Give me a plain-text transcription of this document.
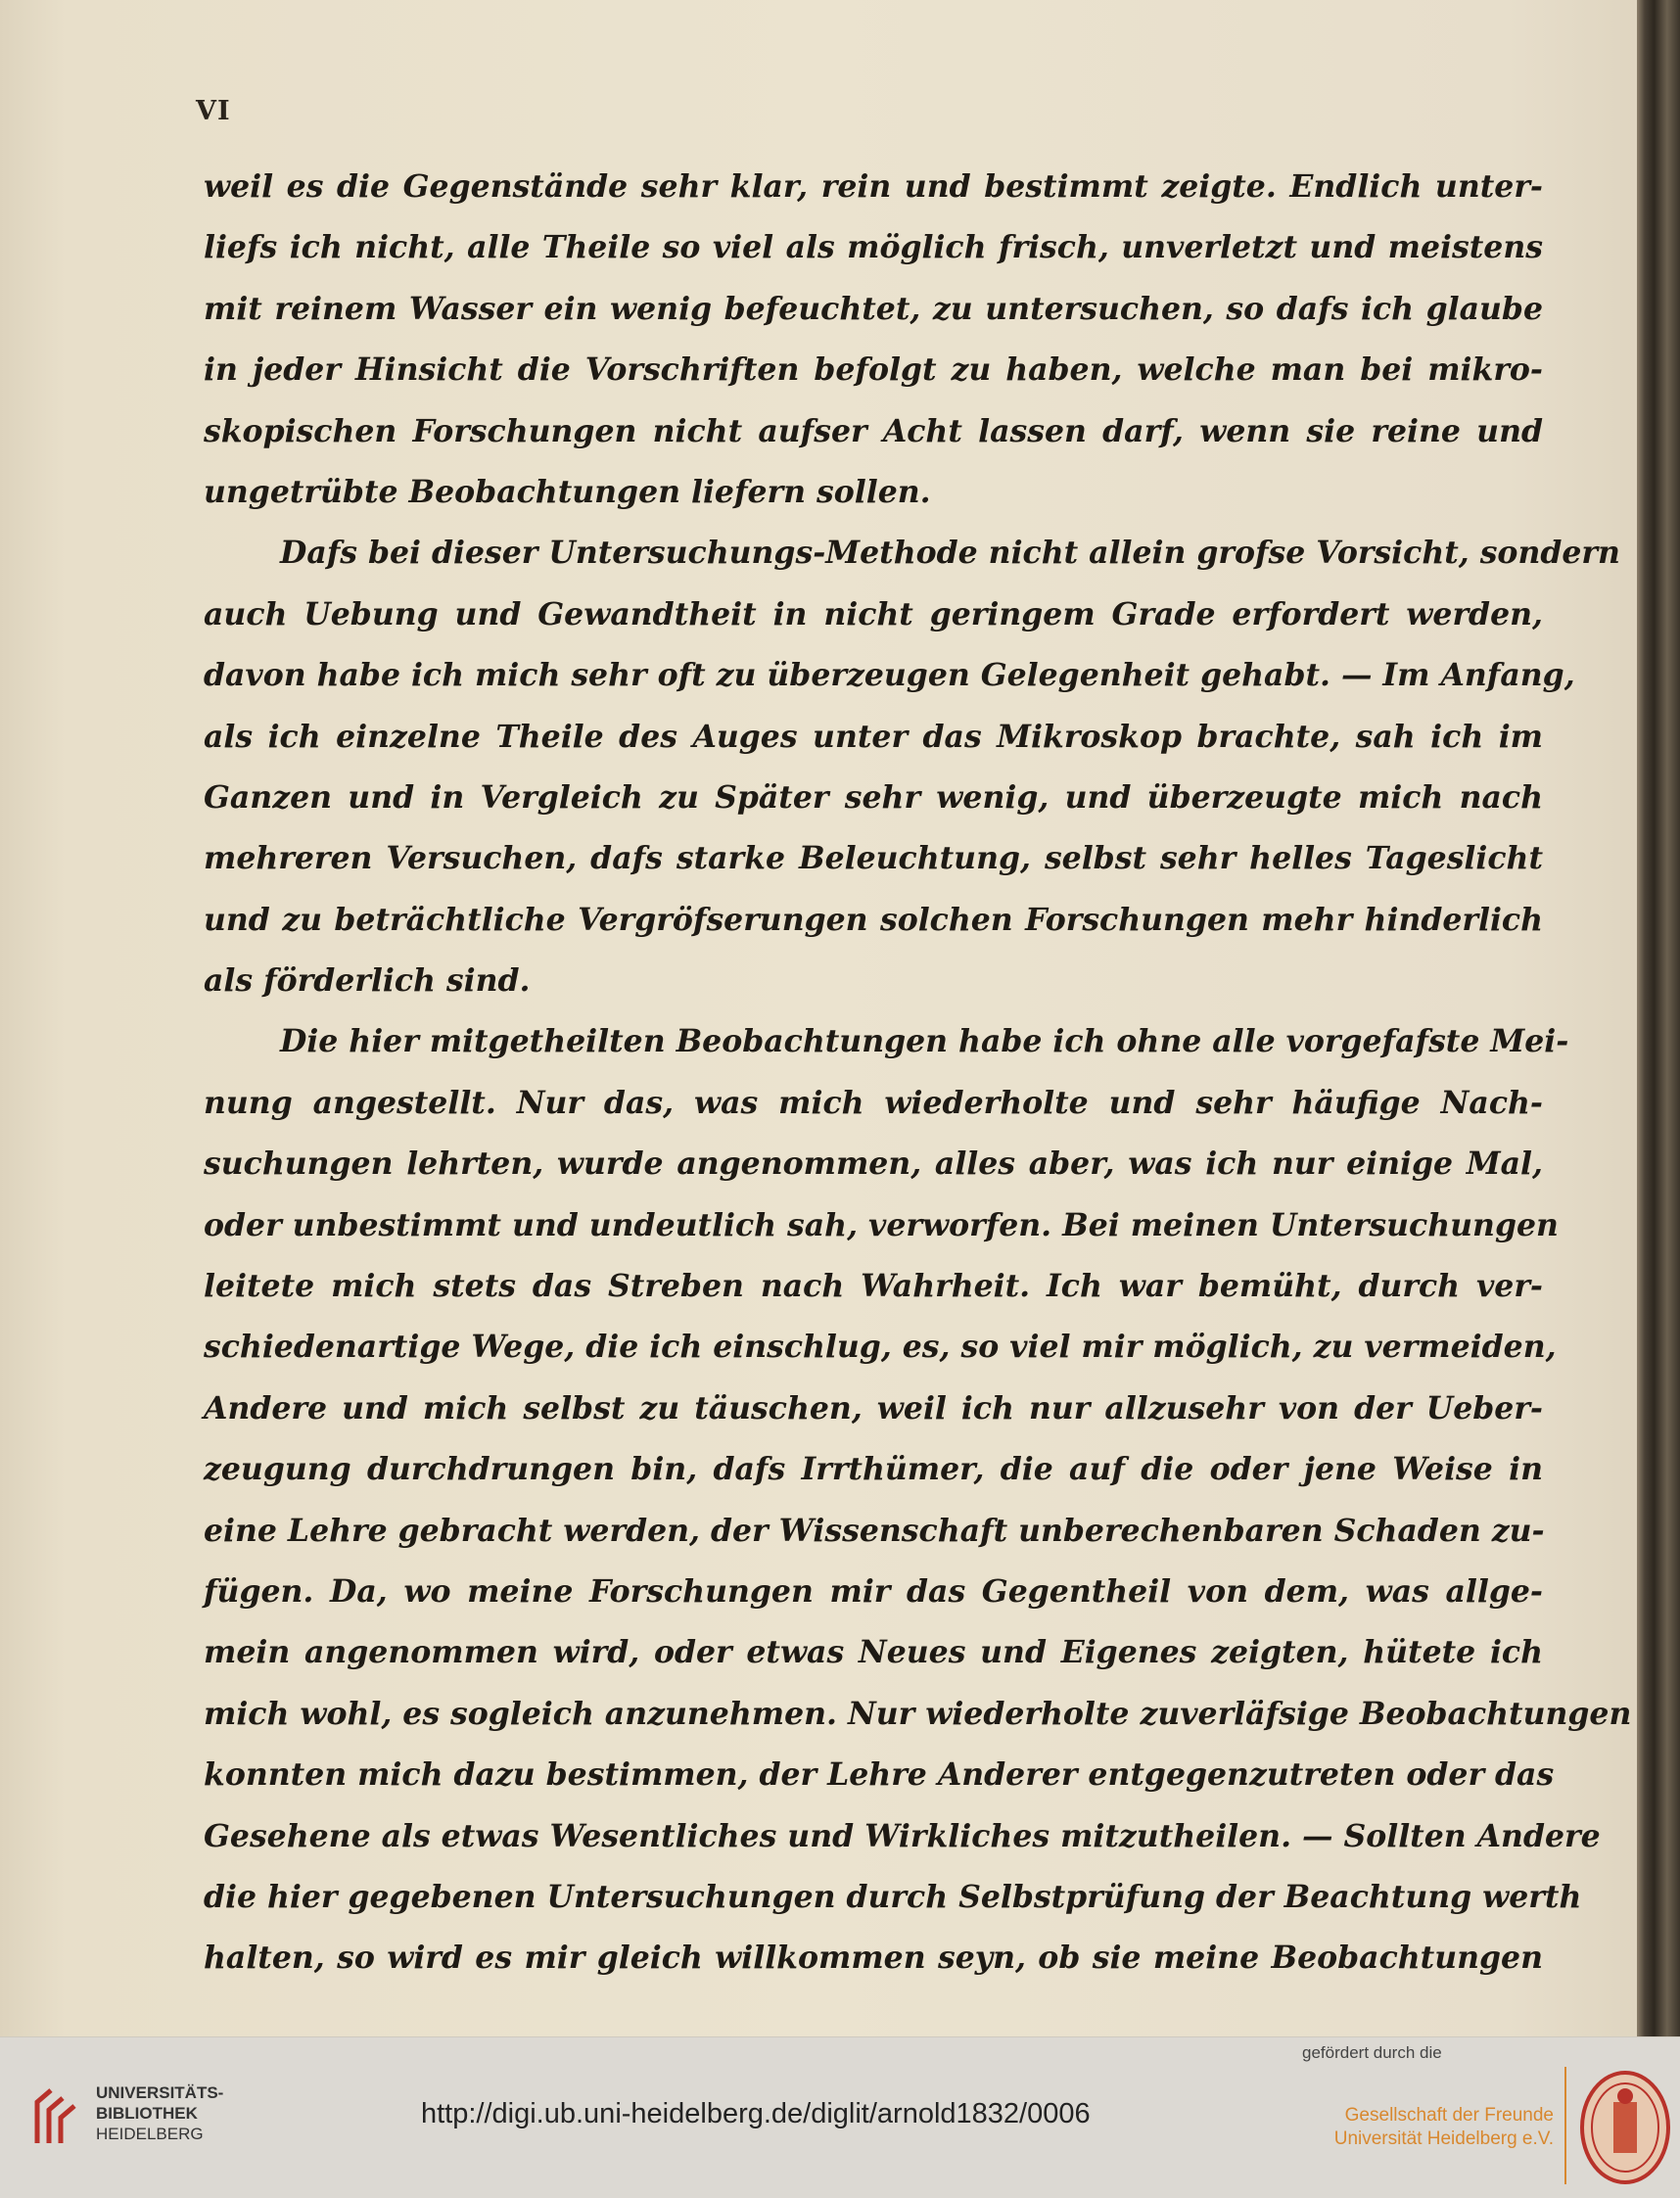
VI
weil es die Gegenstände sehr klar, rein und bestimmt zeigte. Endlich unter-
liefs ich nicht, alle Theile so viel als möglich frisch, unverletzt und meistens
mit reinem Wasser ein wenig befeuchtet, zu untersuchen, so dafs ich glaube
in jeder Hinsicht die Vorschriften befolgt zu haben, welche man bei mikro-
skopischen Forschungen nicht aufser Acht lassen darf, wenn sie reine und
ungetrübte Beobachtungen liefern sollen.
Dafs bei dieser Untersuchungs-Methode nicht allein grofse Vorsicht, sondern
auch Uebung und Gewandtheit in nicht geringem Grade erfordert werden,
davon habe ich mich sehr oft zu überzeugen Gelegenheit gehabt. — Im Anfang,
als ich einzelne Theile des Auges unter das Mikroskop brachte, sah ich im
Ganzen und in Vergleich zu Später sehr wenig, und überzeugte mich nach
mehreren Versuchen, dafs starke Beleuchtung, selbst sehr helles Tageslicht
und zu beträchtliche Vergröfserungen solchen Forschungen mehr hinderlich
als förderlich sind.
Die hier mitgetheilten Beobachtungen habe ich ohne alle vorgefafste Mei-
nung angestellt. Nur das, was mich wiederholte und sehr häufige Nach-
suchungen lehrten, wurde angenommen, alles aber, was ich nur einige Mal,
oder unbestimmt und undeutlich sah, verworfen. Bei meinen Untersuchungen
leitete mich stets das Streben nach Wahrheit. Ich war bemüht, durch ver-
schiedenartige Wege, die ich einschlug, es, so viel mir möglich, zu vermeiden,
Andere und mich selbst zu täuschen, weil ich nur allzusehr von der Ueber-
zeugung durchdrungen bin, dafs Irrthümer, die auf die oder jene Weise in
eine Lehre gebracht werden, der Wissenschaft unberechenbaren Schaden zu-
fügen. Da, wo meine Forschungen mir das Gegentheil von dem, was allge-
mein angenommen wird, oder etwas Neues und Eigenes zeigten, hütete ich
mich wohl, es sogleich anzunehmen. Nur wiederholte zuverläfsige Beobachtungen
konnten mich dazu bestimmen, der Lehre Anderer entgegenzutreten oder das
Gesehene als etwas Wesentliches und Wirkliches mitzutheilen. — Sollten Andere
die hier gegebenen Untersuchungen durch Selbstprüfung der Beachtung werth
halten, so wird es mir gleich willkommen seyn, ob sie meine Beobachtungen
UNIVERSITÄTS-
BIBLIOTHEK
HEIDELBERG
http://digi.ub.uni-heidelberg.de/diglit/arnold1832/0006
gefördert durch die
Gesellschaft der Freunde
Universität Heidelberg e.V.
